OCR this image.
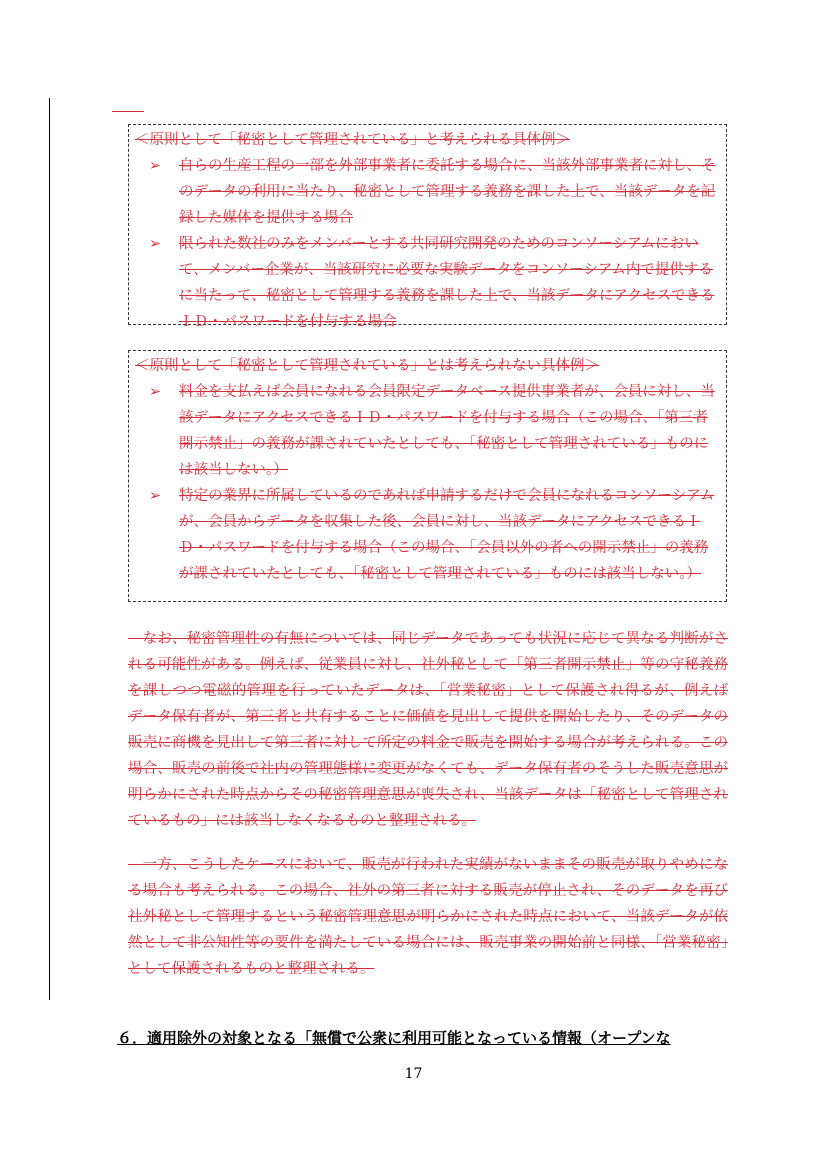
＜原則として「秘密として管理されている」と考えられる具体例＞

➢ 自らの生産工程の一部を外部事業者に委託する場合に、当該外部事業者に対し、そのデータの利用に当たり、秘密として管理する義務を課した上で、当該データを記録した媒体を提供する場合
➢ 限られた数社のみをメンバーとする共同研究開発のためのコンソーシアムにおいて、メンバー企業が、当該研究に必要な実験データをコンソーシアム内で提供するに当たって、秘密として管理する義務を課した上で、当該データにアクセスできるＩＤ・パスワードを付与する場合

＜原則として「秘密として管理されている」とは考えられない具体例＞

➢ 料金を支払えば会員になれる会員限定データベース提供事業者が、会員に対し、当該データにアクセスできるＩＤ・パスワードを付与する場合（この場合、「第三者開示禁止」の義務が課されていたとしても、「秘密として管理されている」ものには該当しない。）
➢ 特定の業界に所属しているのであれば申請するだけで会員になれるコンソーシアムが、会員からデータを収集した後、会員に対し、当該データにアクセスできるＩＤ・パスワードを付与する場合（この場合、「会員以外の者への開示禁止」の義務が課されていたとしても、「秘密として管理されている」ものには該当しない。）

　なお、秘密管理性の有無については、同じデータであっても状況に応じて異なる判断がされる可能性がある。例えば、従業員に対し、社外秘として「第三者開示禁止」等の守秘義務を課しつつ電磁的管理を行っていたデータは、「営業秘密」として保護され得るが、例えばデータ保有者が、第三者と共有することに価値を見出して提供を開始したり、そのデータの販売に商機を見出して第三者に対して所定の料金で販売を開始する場合が考えられる。この場合、販売の前後で社内の管理態様に変更がなくても、データ保有者のそうした販売意思が明らかにされた時点からその秘密管理意思が喪失され、当該データは「秘密として管理されているもの」には該当しなくなるものと整理される。

　一方、こうしたケースにおいて、販売が行われた実績がないままその販売が取りやめになる場合も考えられる。この場合、社外の第三者に対する販売が停止され、そのデータを再び社外秘として管理するという秘密管理意思が明らかにされた時点において、当該データが依然として非公知性等の要件を満たしている場合には、販売事業の開始前と同様、「営業秘密」として保護されるものと整理される。

６．適用除外の対象となる「無償で公衆に利用可能となっている情報（オープンな

17
